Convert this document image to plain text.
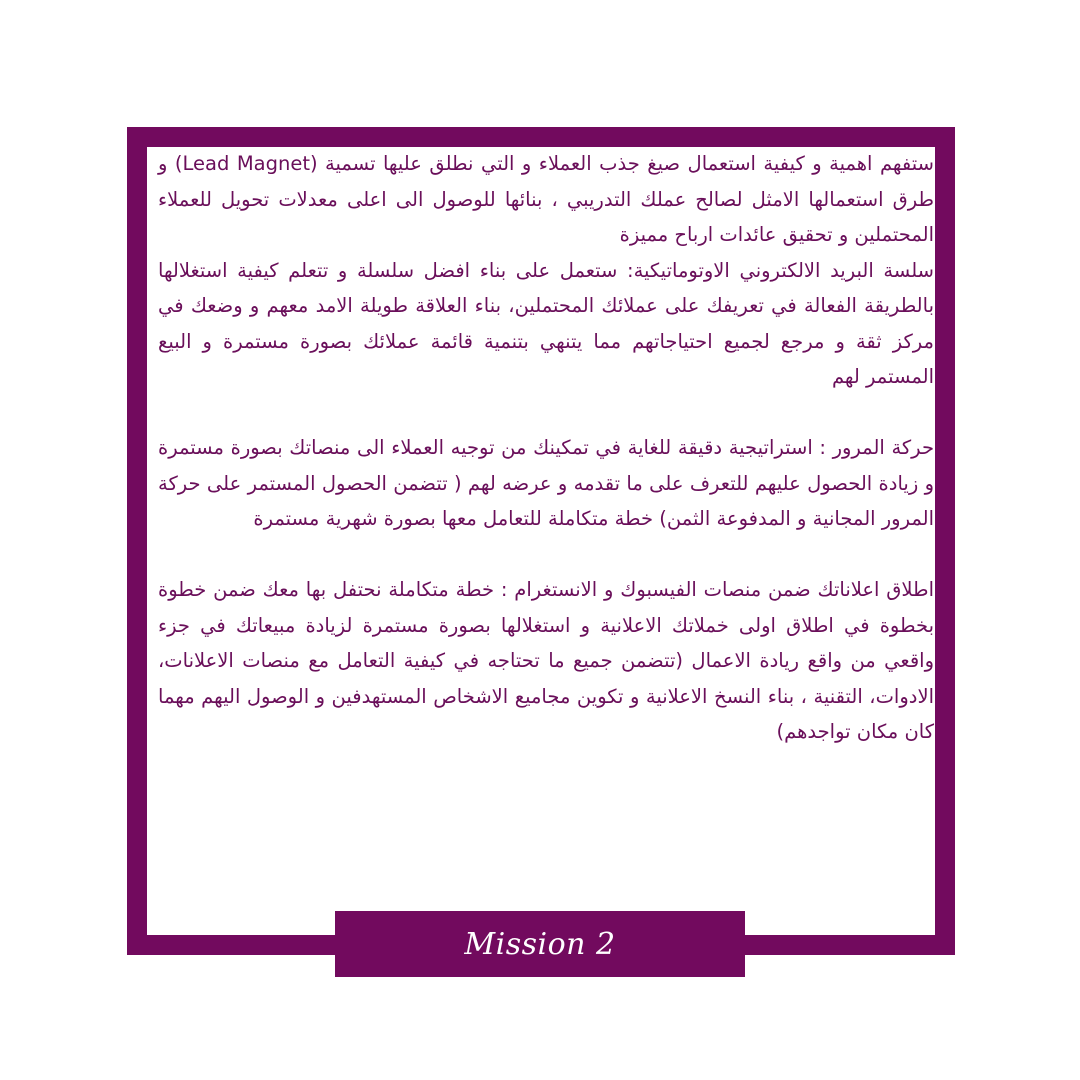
ستفهم اهمية و كيفية استعمال صيغ جذب العملاء و التي نطلق عليها تسمية (Lead Magnet) و طرق استعمالها الامثل لصالح عملك التدريبي ، بنائها للوصول الى اعلى معدلات تحويل للعملاء المحتملين و تحقيق عائدات ارباح مميزة

سلسة البريد الالكتروني الاوتوماتيكية: ستعمل على بناء افضل سلسلة و تتعلم كيفية استغلالها بالطريقة الفعالة في تعريفك على عملائك المحتملين، بناء العلاقة طويلة الامد معهم و وضعك في مركز ثقة و مرجع لجميع احتياجاتهم مما يتنهي بتنمية قائمة عملائك بصورة مستمرة و البيع المستمر لهم

حركة المرور : استراتيجية دقيقة للغاية في تمكينك من توجيه العملاء الى منصاتك بصورة مستمرة و زيادة الحصول عليهم للتعرف على ما تقدمه و عرضه لهم ( تتضمن الحصول المستمر على حركة المرور المجانية و المدفوعة الثمن) خطة متكاملة للتعامل معها بصورة شهرية مستمرة

اطلاق اعلاناتك ضمن منصات الفيسبوك و الانستغرام : خطة متكاملة نحتفل بها معك ضمن خطوة بخطوة في اطلاق اولى خملاتك الاعلانية و استغلالها بصورة مستمرة لزيادة مبيعاتك في جزء واقعي من واقع ريادة الاعمال (تتضمن جميع ما تحتاجه في كيفية التعامل مع منصات الاعلانات، الادوات، التقنية ، بناء النسخ الاعلانية و تكوين مجاميع الاشخاص المستهدفين و الوصول اليهم مهما كان مكان تواجدهم)

Mission 2
